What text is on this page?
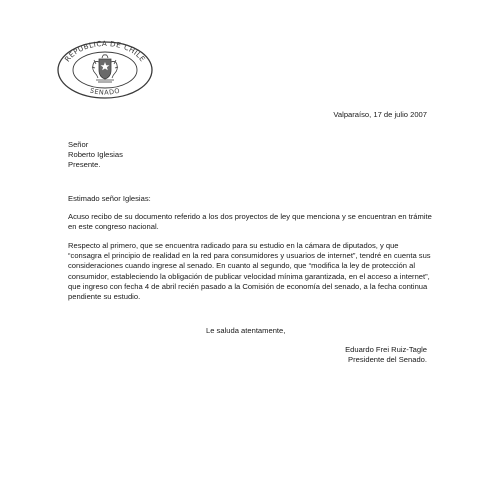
REPUBLICA DE CHILE
SENADO
Valparaíso, 17 de julio 2007
Señor
Roberto Iglesias
Presente.
Estimado señor Iglesias:
Acuso recibo de su documento referido a los dos proyectos de ley que menciona y se encuentran en trámite en este congreso nacional.
Respecto al primero, que se encuentra radicado para su estudio en la cámara de diputados, y que “consagra el principio de realidad en la red para consumidores y usuarios de internet”, tendré en cuenta sus consideraciones cuando ingrese al senado. En cuanto al segundo, que “modifica la ley de protección al consumidor, estableciendo la obligación de publicar velocidad mínima garantizada, en el acceso a internet”, que ingreso con fecha 4 de abril recién pasado a la Comisión de economía del senado, a la fecha continua pendiente su estudio.
Le saluda atentamente,
Eduardo Frei Ruiz-Tagle
Presidente del Senado.
